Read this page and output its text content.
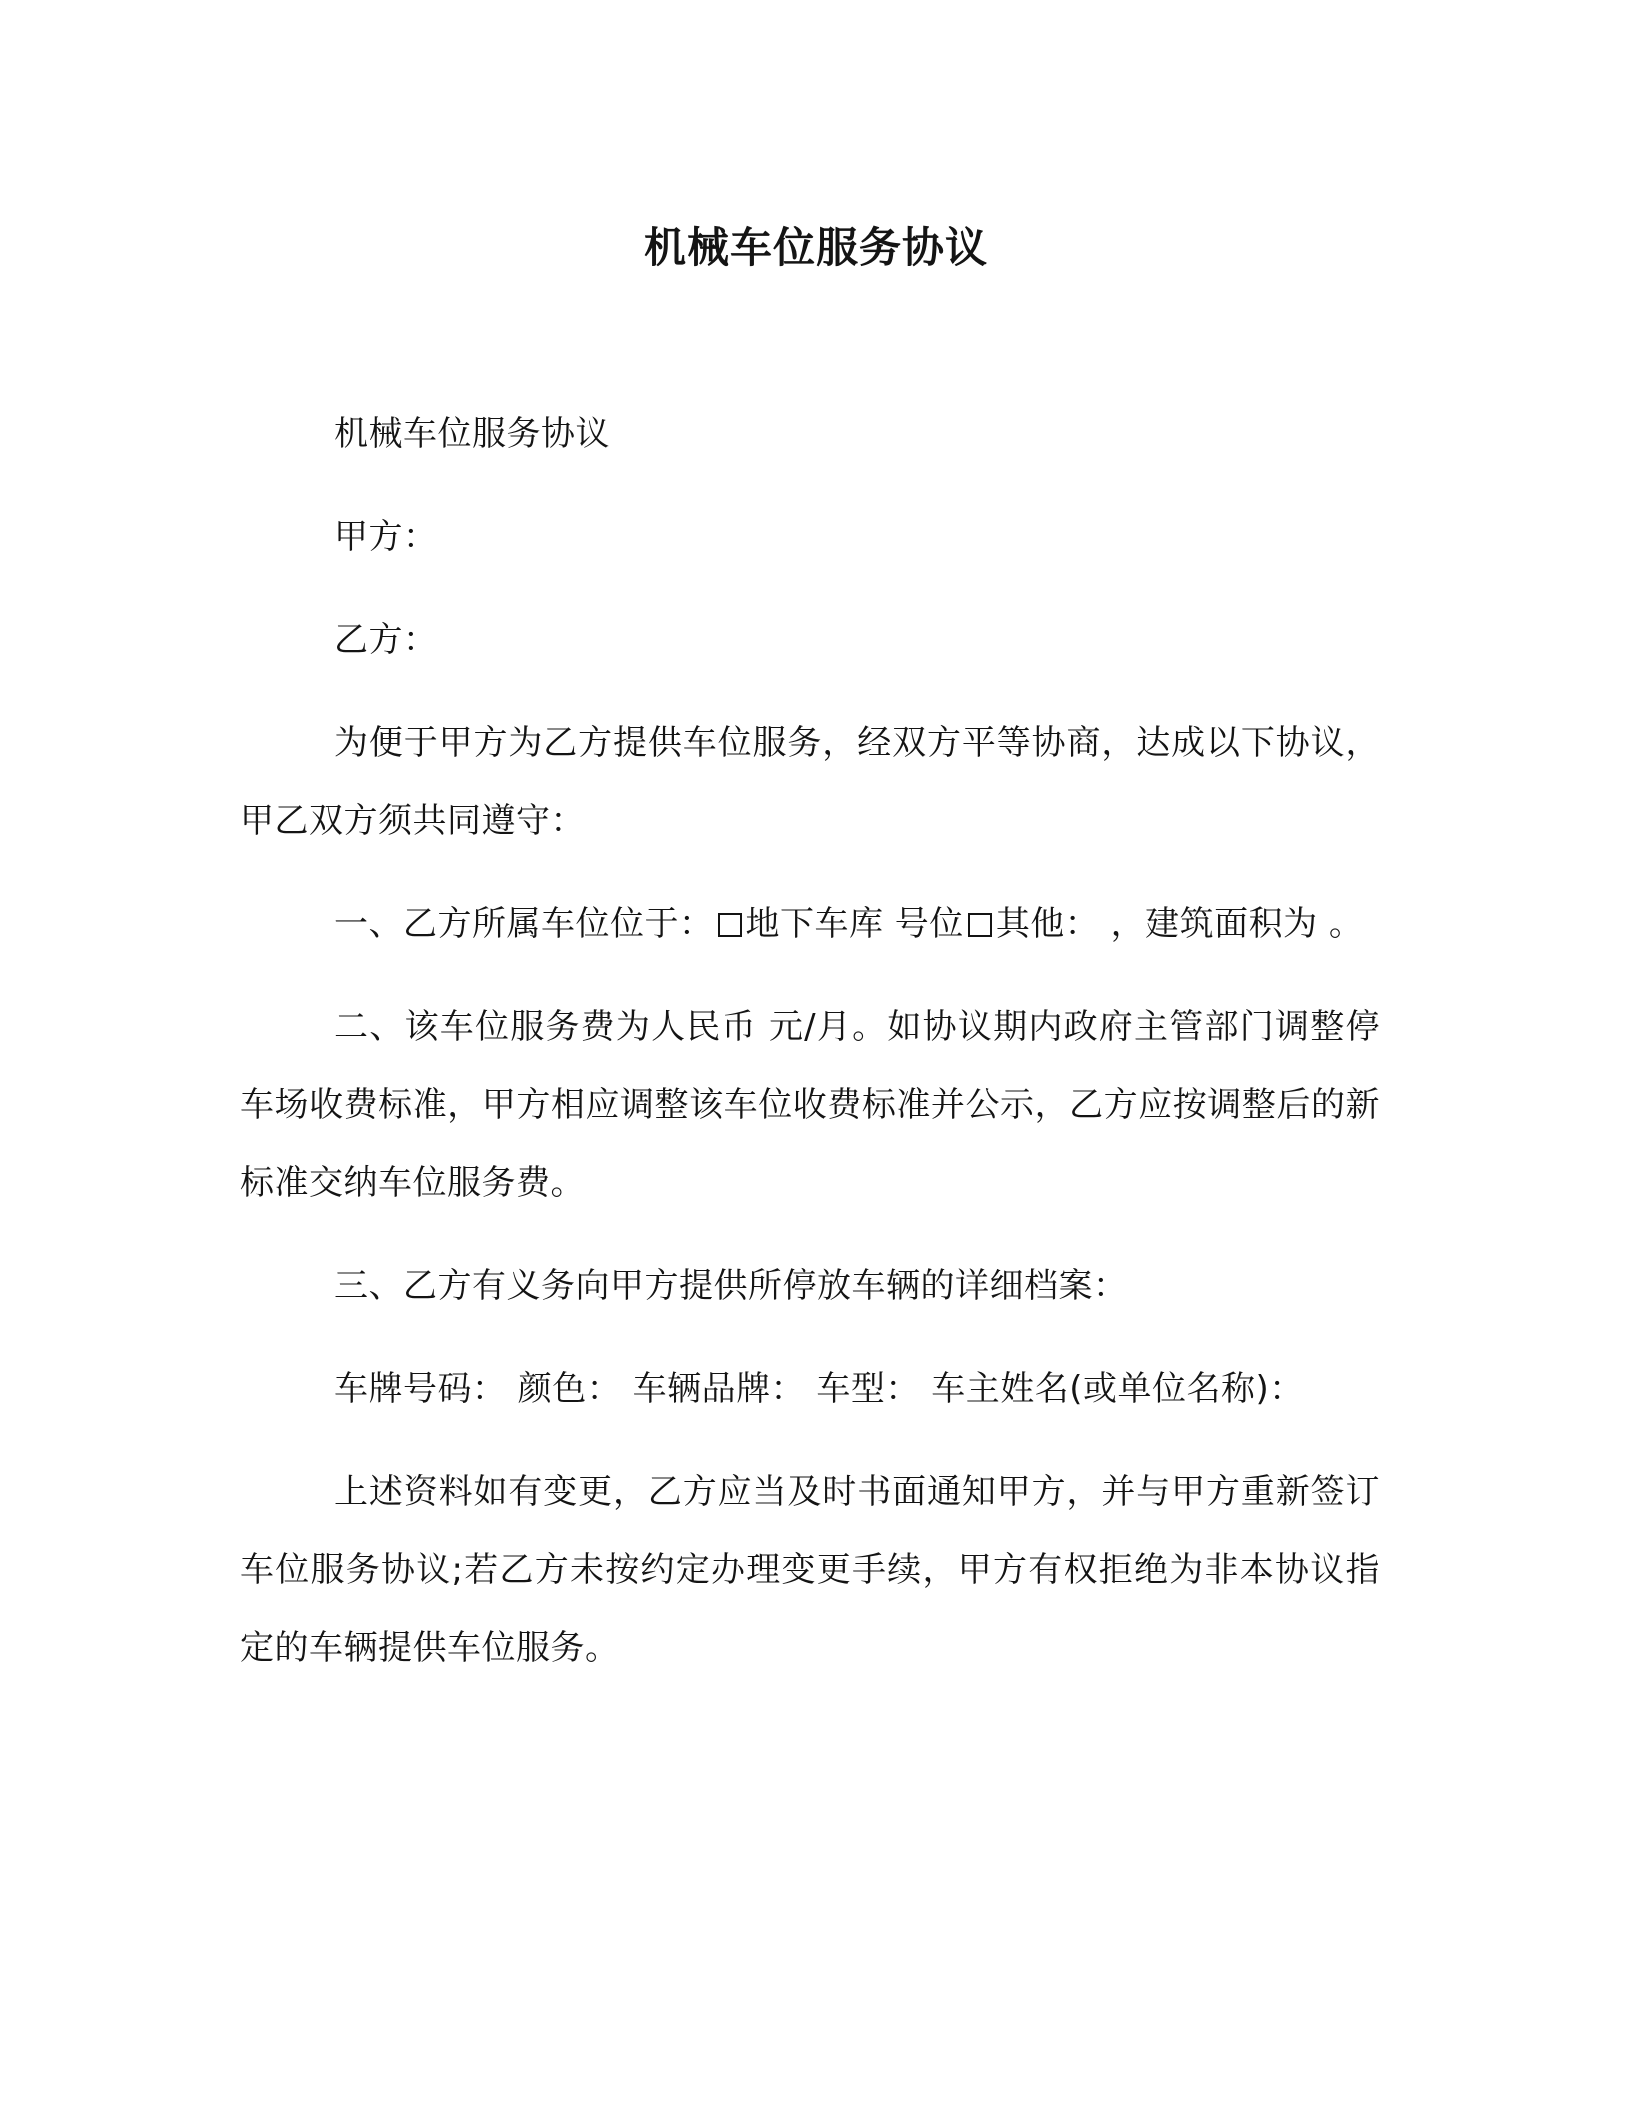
机械车位服务协议

机械车位服务协议

甲方：

乙方：

为便于甲方为乙方提供车位服务，经双方平等协商，达成以下协议，甲乙双方须共同遵守：

一、乙方所属车位位于： 地下车库 号位 其他： ，建筑面积为 。

二、该车位服务费为人民币 元/月。如协议期内政府主管部门调整停车场收费标准，甲方相应调整该车位收费标准并公示，乙方应按调整后的新标准交纳车位服务费。

三、乙方有义务向甲方提供所停放车辆的详细档案：

车牌号码： 颜色： 车辆品牌： 车型： 车主姓名(或单位名称)：

上述资料如有变更，乙方应当及时书面通知甲方，并与甲方重新签订车位服务协议;若乙方未按约定办理变更手续，甲方有权拒绝为非本协议指定的车辆提供车位服务。
